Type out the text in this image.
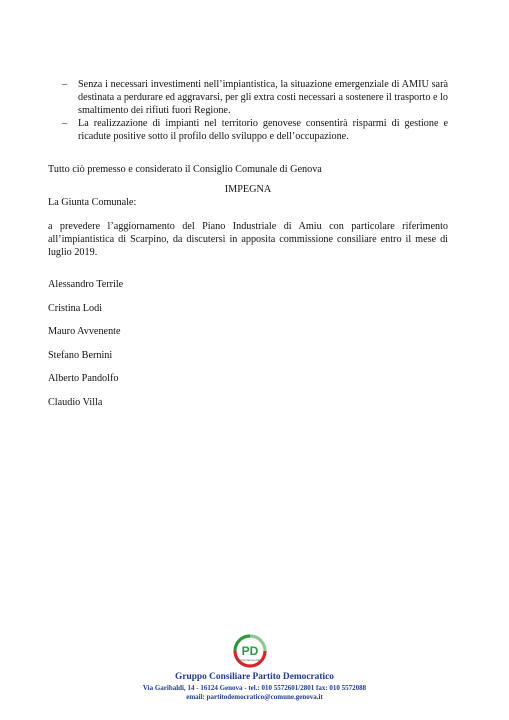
– Senza i necessari investimenti nell’impiantistica, la situazione emergenziale di AMIU sarà destinata a perdurare ed aggravarsi, per gli extra costi necessari a sostenere il trasporto e lo smaltimento dei rifiuti fuori Regione.
– La realizzazione di impianti nel territorio genovese consentirà risparmi di gestione e ricadute positive sotto il profilo dello sviluppo e dell’occupazione.

Tutto ciò premesso e considerato il Consiglio Comunale di Genova

IMPEGNA

La Giunta Comunale:

a prevedere l’aggiornamento del Piano Industriale di Amiu con particolare riferimento all’impiantistica di Scarpino, da discutersi in apposita commissione consiliare entro il mese di luglio 2019.

Alessandro Terrile
Cristina Lodi
Mauro Avvenente
Stefano Bernini
Alberto Pandolfo
Claudio Villa
PD
Partito Democratico
Gruppo Consiliare Partito Democratico
Via Garibaldi, 14 - 16124 Genova - tel.: 010 5572601/2801 fax: 010 5572088
email: partitodemocratico@comune.genova.it
